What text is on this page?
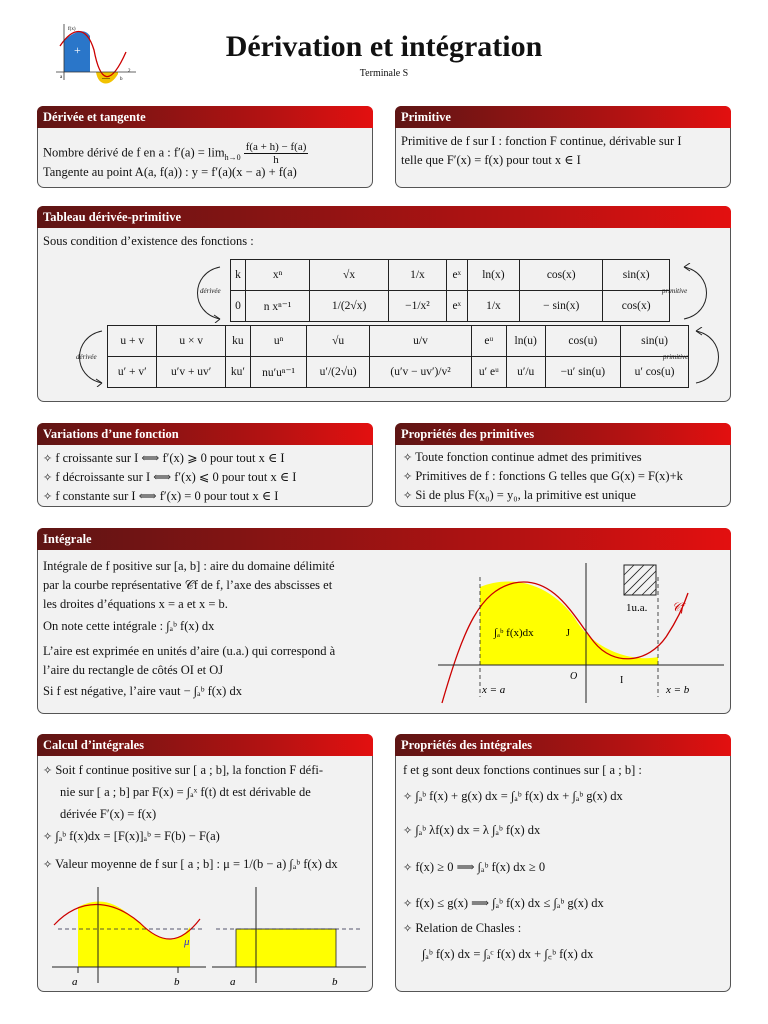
f(x)
+
—
a	b
2
Dérivation et intégration
Terminale S
Dérivée et tangente
Nombre dérivé de f en a : $f'(a) = \lim_{h\to 0} \frac{f(a + h) - f(a)}{h}$
Tangente au point A(a, f(a)) : y = f′(a)(x − a) + f(a)
Primitive
Primitive de f sur I : fonction F continue, dérivable sur I
telle que F′(x) = f(x) pour tout x ∈ I
Tableau dérivée-primitive
Sous condition d’existence des fonctions :
k	xⁿ	√x	1/x	eˣ	ln(x)	cos(x)	sin(x)
0	n xⁿ⁻¹	1/(2√x)	−1/x²	eˣ	1/x	− sin(x)	cos(x)
u + v	u × v	ku	uⁿ	√u	u/v	eᵘ	ln(u)	cos(u)	sin(u)
u′ + v′	u′v + uv′	ku′	nu′uⁿ⁻¹	u′/(2√u)	(u′v − uv′)/v²	u′ eᵘ	u′/u	−u′ sin(u)	u′ cos(u)
dérivée	primitive
dérivée	primitive
Variations d’une fonction
✧ f croissante sur I ⟺ f′(x) ⩾ 0 pour tout x ∈ I
✧ f décroissante sur I ⟺ f′(x) ⩽ 0 pour tout x ∈ I
✧ f constante sur I ⟺ f′(x) = 0 pour tout x ∈ I
Propriétés des primitives
✧ Toute fonction continue admet des primitives
✧ Primitives de f : fonctions G telles que G(x) = F(x)+k
✧ Si de plus F(x₀) = y₀, la primitive est unique
Intégrale
Intégrale de f positive sur [a, b] : aire du domaine délimité
par la courbe représentative 𝒞f de f, l’axe des abscisses et
les droites d’équations x = a et x = b.
On note cette intégrale : ∫ₐᵇ f(x) dx
L’aire est exprimée en unités d’aire (u.a.) qui correspond à
l’aire du rectangle de côtés OI et OJ
Si f est négative, l’aire vaut − ∫ₐᵇ f(x) dx
𝒞f
1u.a.
∫ₐᵇ f(x)dx	J
O	I
x = a	x = b
Calcul d’intégrales
✧ Soit f continue positive sur [ a ; b], la fonction F défi-
nie sur [ a ; b] par F(x) = ∫ₐˣ f(t) dt est dérivable de
dérivée F′(x) = f(x)
✧ ∫ₐᵇ f(x)dx = [F(x)]ₐᵇ = F(b) − F(a)
✧ Valeur moyenne de f sur [ a ; b] : μ = 1/(b − a) ∫ₐᵇ f(x) dx
μ
a	b	a	b
Propriétés des intégrales
f et g sont deux fonctions continues sur [ a ; b] :
✧ ∫ₐᵇ f(x) + g(x) dx = ∫ₐᵇ f(x) dx + ∫ₐᵇ g(x) dx
✧ ∫ₐᵇ λf(x) dx = λ ∫ₐᵇ f(x) dx
✧ f(x) ≥ 0 ⟹ ∫ₐᵇ f(x) dx ≥ 0
✧ f(x) ≤ g(x) ⟹ ∫ₐᵇ f(x) dx ≤ ∫ₐᵇ g(x) dx
✧ Relation de Chasles :
∫ₐᵇ f(x) dx = ∫ₐᶜ f(x) dx + ∫꜀ᵇ f(x) dx
